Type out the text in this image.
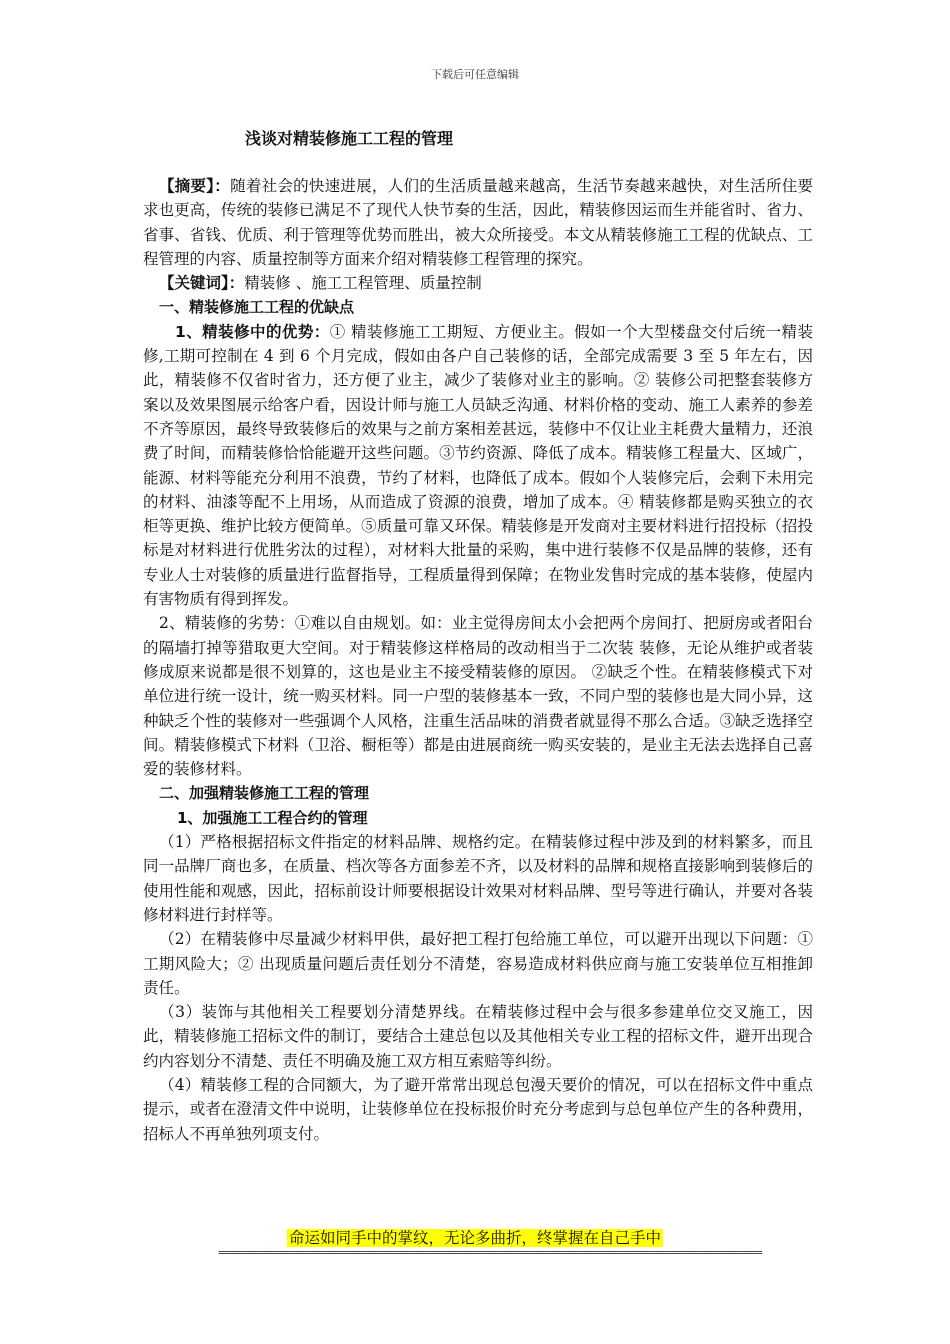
下载后可任意编辑
浅谈对精装修施工工程的管理

【摘要】：随着社会的快速进展，人们的生活质量越来越高，生活节奏越来越快，对生活所住要求也更高，传统的装修已满足不了现代人快节奏的生活，因此，精装修因运而生并能省时、省力、省事、省钱、优质、利于管理等优势而胜出，被大众所接受。本文从精装修施工工程的优缺点、工程管理的内容、质量控制等方面来介绍对精装修工程管理的探究。

【关键词】：精装修 、施工工程管理、质量控制

一、精装修施工工程的优缺点

1、精装修中的优势：① 精装修施工工期短、方便业主。假如一个大型楼盘交付后统一精装修,工期可控制在 4 到 6 个月完成，假如由各户自己装修的话，全部完成需要 3 至 5 年左右，因此，精装修不仅省时省力，还方便了业主，减少了装修对业主的影响。② 装修公司把整套装修方案以及效果图展示给客户看，因设计师与施工人员缺乏沟通、材料价格的变动、施工人素养的参差不齐等原因，最终导致装修后的效果与之前方案相差甚远，装修中不仅让业主耗费大量精力，还浪费了时间，而精装修恰恰能避开这些问题。③节约资源、降低了成本。精装修工程量大、区域广，能源、材料等能充分利用不浪费，节约了材料，也降低了成本。假如个人装修完后，会剩下未用完的材料、油漆等配不上用场，从而造成了资源的浪费，增加了成本。④ 精装修都是购买独立的衣柜等更换、维护比较方便简单。⑤质量可靠又环保。精装修是开发商对主要材料进行招投标（招投标是对材料进行优胜劣汰的过程），对材料大批量的采购，集中进行装修不仅是品牌的装修，还有专业人士对装修的质量进行监督指导，工程质量得到保障；在物业发售时完成的基本装修，使屋内有害物质有得到挥发。

2、精装修的劣势：①难以自由规划。如：业主觉得房间太小会把两个房间打、把厨房或者阳台的隔墙打掉等猎取更大空间。对于精装修这样格局的改动相当于二次装 装修，无论从维护或者装修成原来说都是很不划算的，这也是业主不接受精装修的原因。 ②缺乏个性。在精装修模式下对单位进行统一设计，统一购买材料。同一户型的装修基本一致，不同户型的装修也是大同小异，这种缺乏个性的装修对一些强调个人风格，注重生活品味的消费者就显得不那么合适。③缺乏选择空间。精装修模式下材料（卫浴、橱柜等）都是由进展商统一购买安装的，是业主无法去选择自己喜爱的装修材料。

二、加强精装修施工工程的管理

1、加强施工工程合约的管理

（1）严格根据招标文件指定的材料品牌、规格约定。在精装修过程中涉及到的材料繁多，而且同一品牌厂商也多，在质量、档次等各方面参差不齐，以及材料的品牌和规格直接影响到装修后的使用性能和观感，因此，招标前设计师要根据设计效果对材料品牌、型号等进行确认，并要对各装修材料进行封样等。

（2）在精装修中尽量减少材料甲供，最好把工程打包给施工单位，可以避开出现以下问题：①工期风险大；② 出现质量问题后责任划分不清楚，容易造成材料供应商与施工安装单位互相推卸责任。

（3）装饰与其他相关工程要划分清楚界线。在精装修过程中会与很多参建单位交叉施工，因此，精装修施工招标文件的制订，要结合土建总包以及其他相关专业工程的招标文件，避开出现合约内容划分不清楚、责任不明确及施工双方相互索赔等纠纷。

（4）精装修工程的合同额大，为了避开常常出现总包漫天要价的情况，可以在招标文件中重点提示，或者在澄清文件中说明，让装修单位在投标报价时充分考虑到与总包单位产生的各种费用，招标人不再单独列项支付。

命运如同手中的掌纹，无论多曲折，终掌握在自己手中
========================================================================================================
